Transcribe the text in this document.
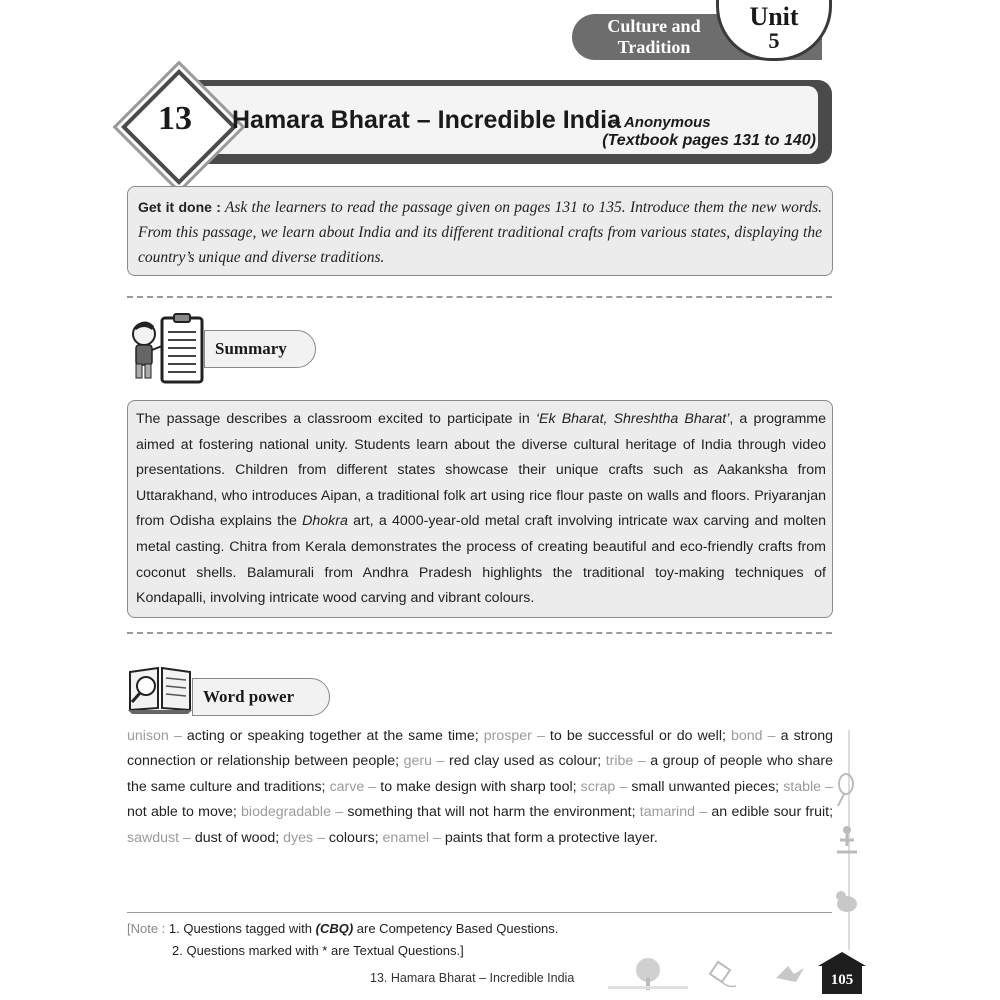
Culture and
Tradition
Unit
5
13	Hamara Bharat – Incredible India
– Anonymous
(Textbook pages 131 to 140)
Get it done : Ask the learners to read the passage given on pages 131 to 135. Introduce them the new words. From this passage, we learn about India and its different traditional crafts from various states, displaying the country’s unique and diverse traditions.
Summary
The passage describes a classroom excited to participate in ‘Ek Bharat, Shreshtha Bharat’, a programme aimed at fostering national unity. Students learn about the diverse cultural heritage of India through video presentations. Children from different states showcase their unique crafts such as Aakanksha from Uttarakhand, who introduces Aipan, a traditional folk art using rice flour paste on walls and floors. Priyaranjan from Odisha explains the Dhokra art, a 4000-year-old metal craft involving intricate wax carving and molten metal casting. Chitra from Kerala demonstrates the process of creating beautiful and eco-friendly crafts from coconut shells. Balamurali from Andhra Pradesh highlights the traditional toy-making techniques of Kondapalli, involving intricate wood carving and vibrant colours.
Word power
unison – acting or speaking together at the same time; prosper – to be successful or do well; bond – a strong connection or relationship between people; geru – red clay used as colour; tribe – a group of people who share the same culture and traditions; carve – to make design with sharp tool; scrap – small unwanted pieces; stable – not able to move; biodegradable – something that will not harm the environment; tamarind – an edible sour fruit; sawdust – dust of wood; dyes – colours; enamel – paints that form a protective layer.
[Note : 1. Questions tagged with (CBQ) are Competency Based Questions.
2. Questions marked with * are Textual Questions.]
13. Hamara Bharat – Incredible India	105
